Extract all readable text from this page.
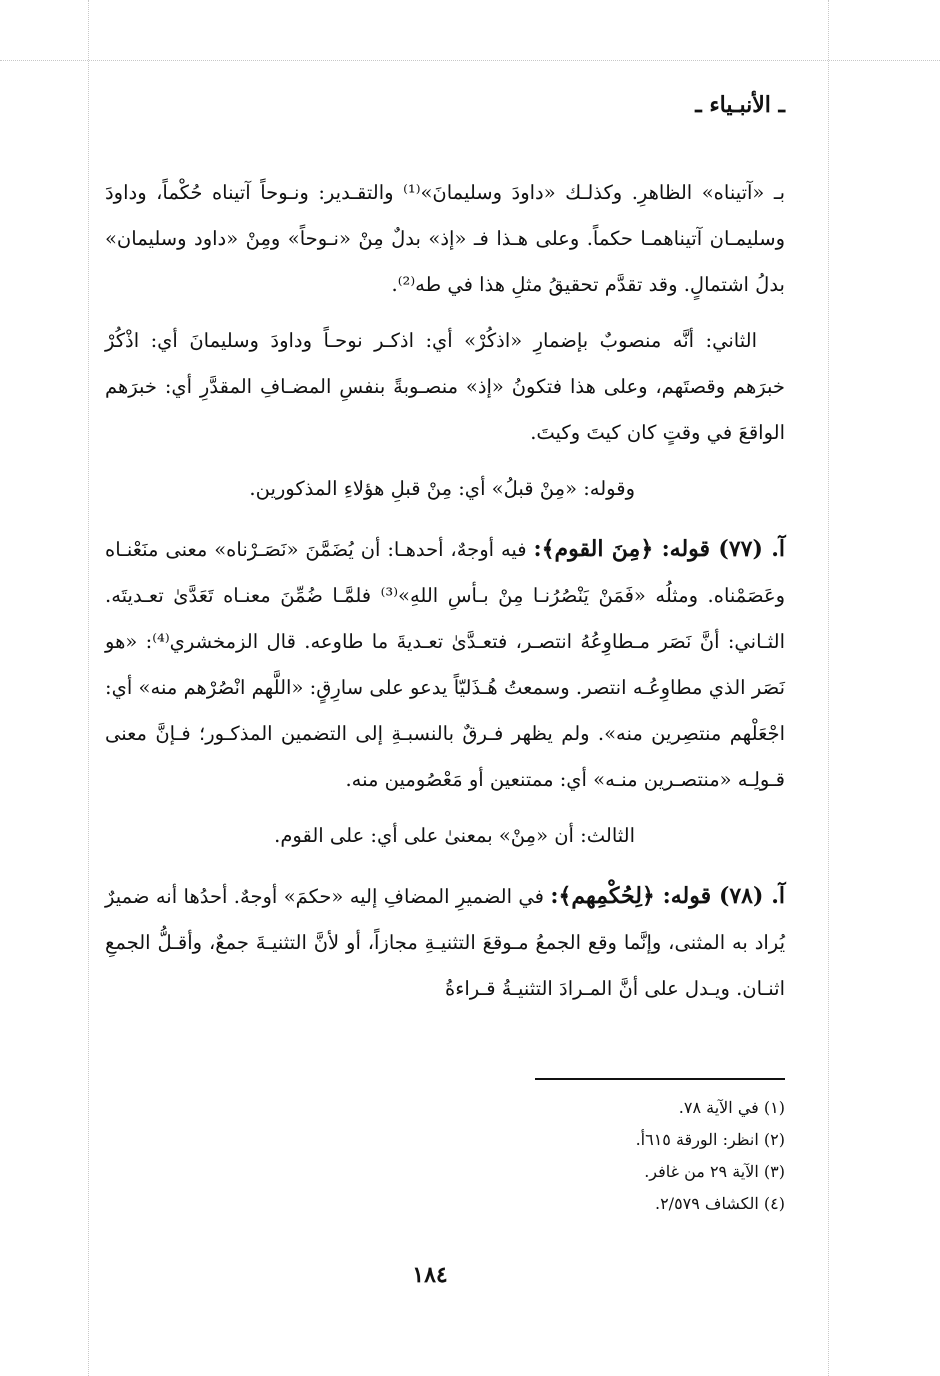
ـ الأنبـياء ـ

بـ «آتيناه» الظاهرِ. وكذلـك «داودَ وسليمانَ»⁽¹⁾ والتقـدير: ونـوحاً آتيناه حُكْماً، وداودَ وسليمـان آتيناهمـا حكماً. وعلى هـذا فـ «إذ» بدلٌ مِنْ «نـوحاً» ومِنْ «داود وسليمان» بدلُ اشتمالٍ. وقد تقدَّم تحقيقُ مثلِ هذا في طه⁽²⁾.

الثاني: أنَّه منصوبٌ بإضمارِ «اذكُرْ» أي: اذكـر نوحـاً وداودَ وسليمانَ أي: اذْكُرْ خبرَهم وقصتَهم، وعلى هذا فتكونُ «إذ» منصـوبةً بنفسِ المضـافِ المقدَّرِ أي: خبرَهم الواقعَ في وقتٍ كان كيتَ وكيتَ.

وقوله: «مِنْ قبلُ» أي: مِنْ قبلِ هؤلاءِ المذكورين.

آ. (٧٧) قوله: ﴿مِنَ القوم﴾: فيه أوجهٌ، أحدهـا: أن يُضَمَّنَ «نَصَـرْناه» معنى منَعْنـاه وعَصَمْناه. ومثلُه «فَمَنْ يَنْصُرُنـا مِنْ بـأسِ اللهِ»⁽³⁾ فلمَّـا ضُمِّنَ معنـاه تَعَدَّىٰ تعـديتَه. الثـاني: أنَّ نَصَر مـطاوِعُهُ انتصـر، فتعـدَّىٰ تعـديةَ ما طاوعه. قال الزمخشري⁽⁴⁾: «هو نَصَر الذي مطاوِعُـه انتصر. وسمعتُ هُـذَليّاً يدعو على سارِقٍ: «اللَّهم انْصُرْهم منه» أي: اجْعَلْهم منتصِرين منه». ولم يظهر فـرقٌ بالنسبـةِ إلى التضمين المذكـور؛ فـإنَّ معنى قـولِـه «منتصـرين منـه» أي: ممتنعين أو مَعْصُومين منه.

الثالث: أن «مِنْ» بمعنىٰ على أي: على القوم.

آ. (٧٨) قوله: ﴿لِحُكْمِهم﴾: في الضميرِ المضافِ إليه «حكمَ» أوجهٌ. أحدُها أنه ضميرٌ يُراد به المثنى، وإنَّما وقع الجمعُ مـوقعَ التثنيـةِ مجازاً، أو لأنَّ التثنيـةَ جمعٌ، وأقـلُّ الجمعِ اثنـان. ويـدل على أنَّ المـرادَ التثنيـةُ قـراءةُ

(١) في الآية ٧٨.
(٢) انظر: الورقة ٦١٥أ.
(٣) الآية ٢٩ من غافر.
(٤) الكشاف ٢/٥٧٩.
١٨٤
